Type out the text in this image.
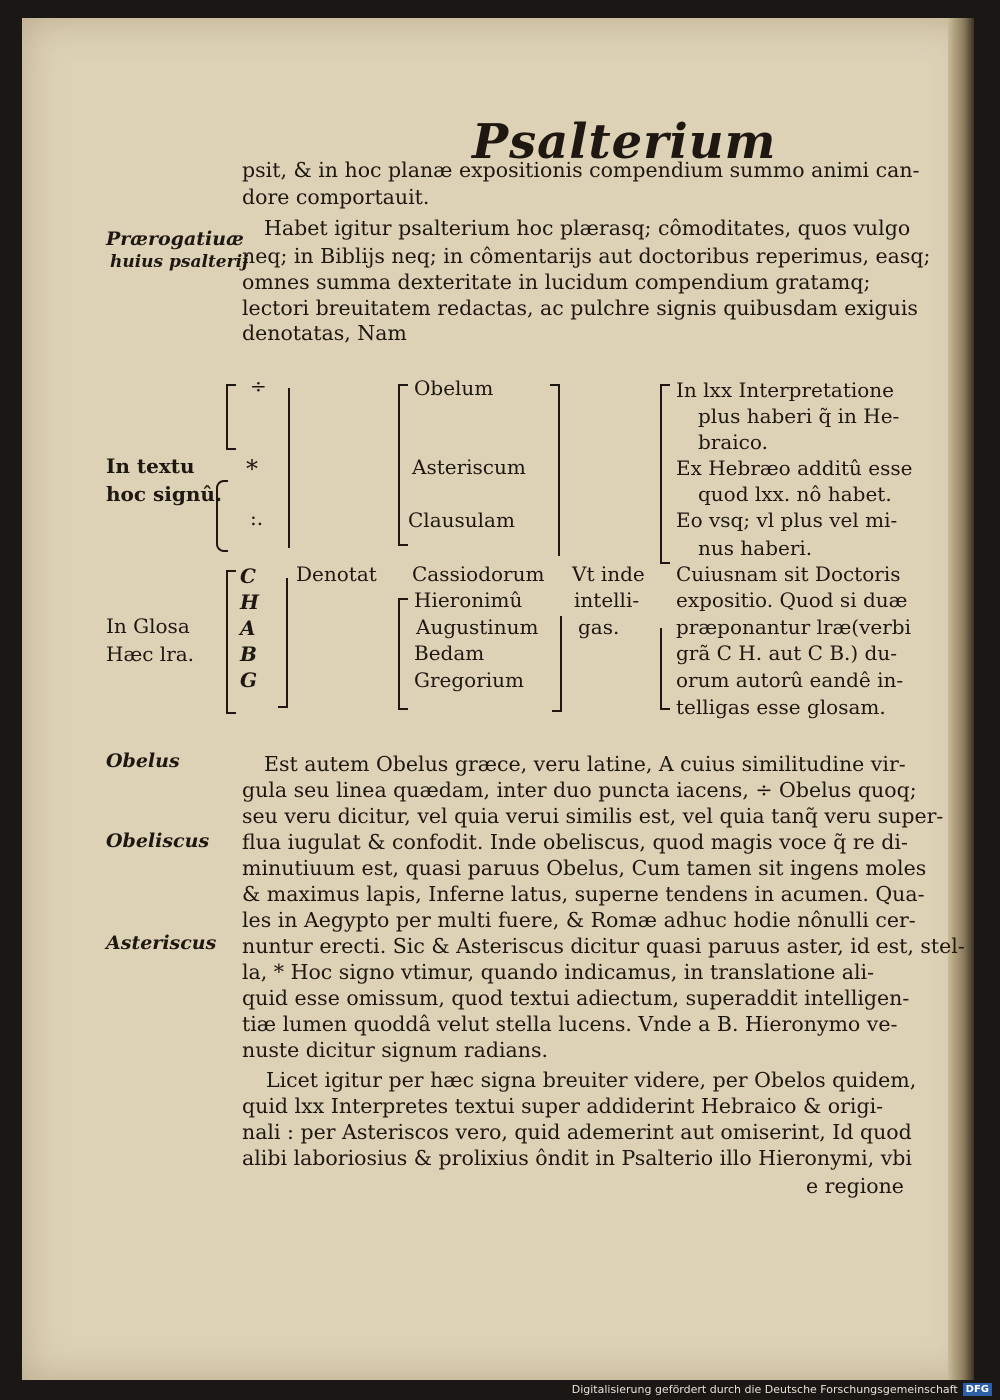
Psalterium
psit, & in hoc planæ expositionis compendium summo animi can-
dore comportauit.
Habet igitur psalterium hoc plærasq; cômoditates, quos vulgo
neq; in Biblijs neq; in cômentarijs aut doctoribus reperimus, easq;
omnes summa dexteritate in lucidum compendium gratamq;
lectori breuitatem redactas, ac pulchre signis quibusdam exiguis
denotatas, Nam
Prærogatiuæ
huius psalterij
In textu
hoc signû.
In Glosa
Hæc lra.
÷
*
:.
C
H
A
B
G
Denotat
Obelum
Asteriscum
Clausulam
Cassiodorum
Hieronimû
Augustinum
Bedam
Gregorium
Vt inde
intelli-
gas.
In lxx Interpretatione
plus haberi q̃ in He-
braico.
Ex Hebræo additû esse
quod lxx. nô habet.
Eo vsq; vl plus vel mi-
nus haberi.
Cuiusnam sit Doctoris
expositio. Quod si duæ
præponantur lræ(verbi
grã C H. aut C B.) du-
orum autorû eandê in-
telligas esse glosam.
Est autem Obelus græce, veru latine, A cuius similitudine vir-
gula seu linea quædam, inter duo puncta iacens, ÷ Obelus quoq;
seu veru dicitur, vel quia verui similis est, vel quia tanq̃ veru super-
flua iugulat & confodit. Inde obeliscus, quod magis voce q̃ re di-
minutiuum est, quasi paruus Obelus, Cum tamen sit ingens moles
& maximus lapis, Inferne latus, superne tendens in acumen. Qua-
les in Aegypto per multi fuere, & Romæ adhuc hodie nônulli cer-
nuntur erecti. Sic & Asteriscus dicitur quasi paruus aster, id est, stel-
la, * Hoc signo vtimur, quando indicamus, in translatione ali-
quid esse omissum, quod textui adiectum, superaddit intelligen-
tiæ lumen quoddâ velut stella lucens. Vnde a B. Hieronymo ve-
nuste dicitur signum radians.
Licet igitur per hæc signa breuiter videre, per Obelos quidem,
quid lxx Interpretes textui super addiderint Hebraico & origi-
nali : per Asteriscos vero, quid ademerint aut omiserint, Id quod
alibi laboriosius & prolixius ôndit in Psalterio illo Hieronymi, vbi
e regione
Obelus
Obeliscus
Asteriscus
Digitalisierung gefördert durch die Deutsche Forschungsgemeinschaft DFG
